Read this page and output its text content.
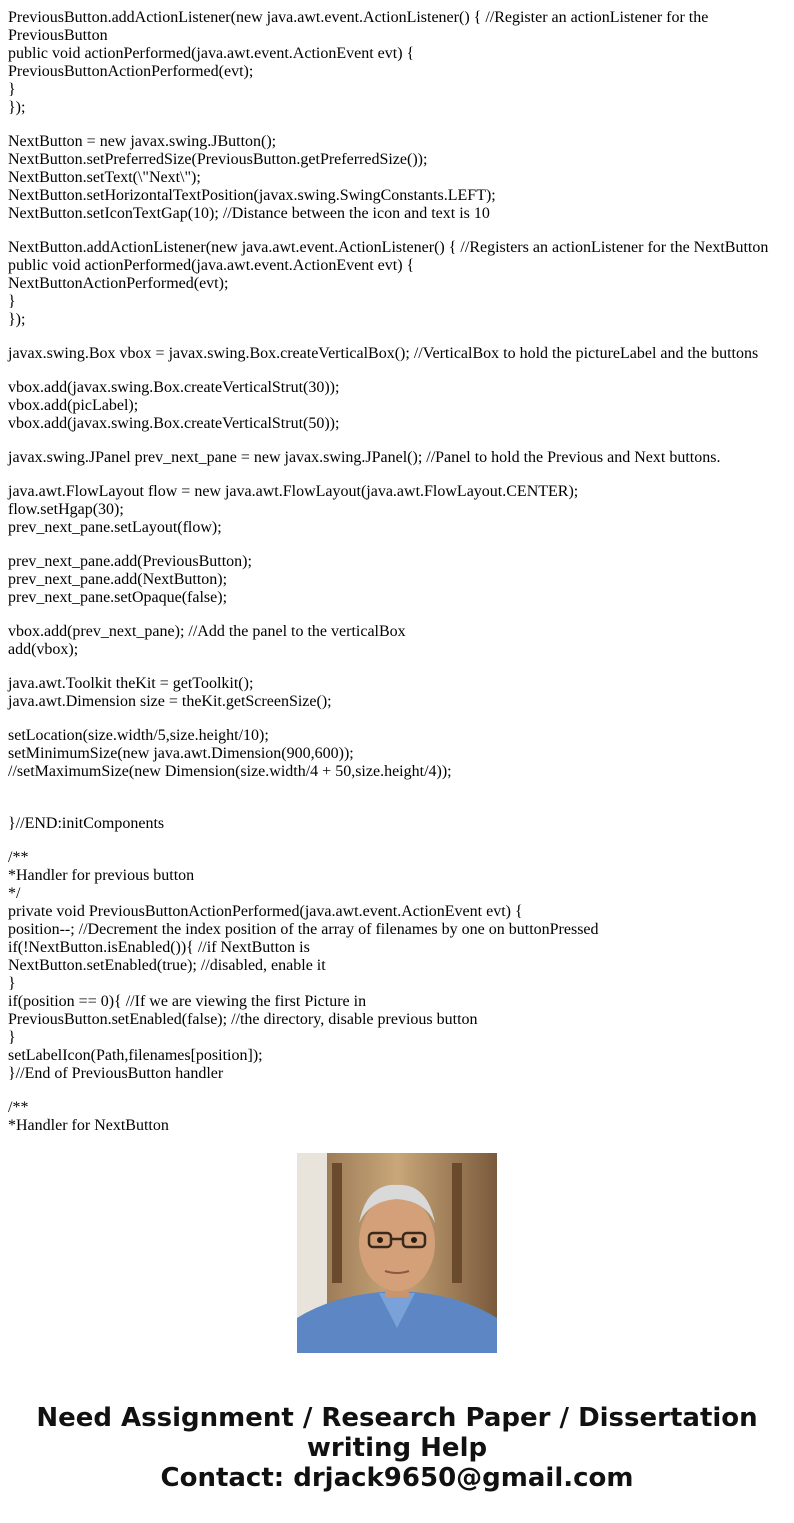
PreviousButton.addActionListener(new java.awt.event.ActionListener() { //Register an actionListener for the PreviousButton
public void actionPerformed(java.awt.event.ActionEvent evt) {
PreviousButtonActionPerformed(evt);
}
});
NextButton = new javax.swing.JButton();
NextButton.setPreferredSize(PreviousButton.getPreferredSize());
NextButton.setText(\"Next\");
NextButton.setHorizontalTextPosition(javax.swing.SwingConstants.LEFT);
NextButton.setIconTextGap(10); //Distance between the icon and text is 10
NextButton.addActionListener(new java.awt.event.ActionListener() { //Registers an actionListener for the NextButton
public void actionPerformed(java.awt.event.ActionEvent evt) {
NextButtonActionPerformed(evt);
}
});
javax.swing.Box vbox = javax.swing.Box.createVerticalBox(); //VerticalBox to hold the pictureLabel and the buttons
vbox.add(javax.swing.Box.createVerticalStrut(30));
vbox.add(picLabel);
vbox.add(javax.swing.Box.createVerticalStrut(50));
javax.swing.JPanel prev_next_pane = new javax.swing.JPanel(); //Panel to hold the Previous and Next buttons.
java.awt.FlowLayout flow = new java.awt.FlowLayout(java.awt.FlowLayout.CENTER);
flow.setHgap(30);
prev_next_pane.setLayout(flow);
prev_next_pane.add(PreviousButton);
prev_next_pane.add(NextButton);
prev_next_pane.setOpaque(false);
vbox.add(prev_next_pane); //Add the panel to the verticalBox
add(vbox);
java.awt.Toolkit theKit = getToolkit();
java.awt.Dimension size = theKit.getScreenSize();
setLocation(size.width/5,size.height/10);
setMinimumSize(new java.awt.Dimension(900,600));
//setMaximumSize(new Dimension(size.width/4 + 50,size.height/4));

}//END:initComponents
/**
*Handler for previous button
*/
private void PreviousButtonActionPerformed(java.awt.event.ActionEvent evt) {
position--; //Decrement the index position of the array of filenames by one on buttonPressed
if(!NextButton.isEnabled()){ //if NextButton is
NextButton.setEnabled(true); //disabled, enable it
}
if(position == 0){ //If we are viewing the first Picture in
PreviousButton.setEnabled(false); //the directory, disable previous button
}
setLabelIcon(Path,filenames[position]);
}//End of PreviousButton handler
/**
*Handler for NextButton
Need Assignment / Research Paper / Dissertation
writing Help
Contact: drjack9650@gmail.com
